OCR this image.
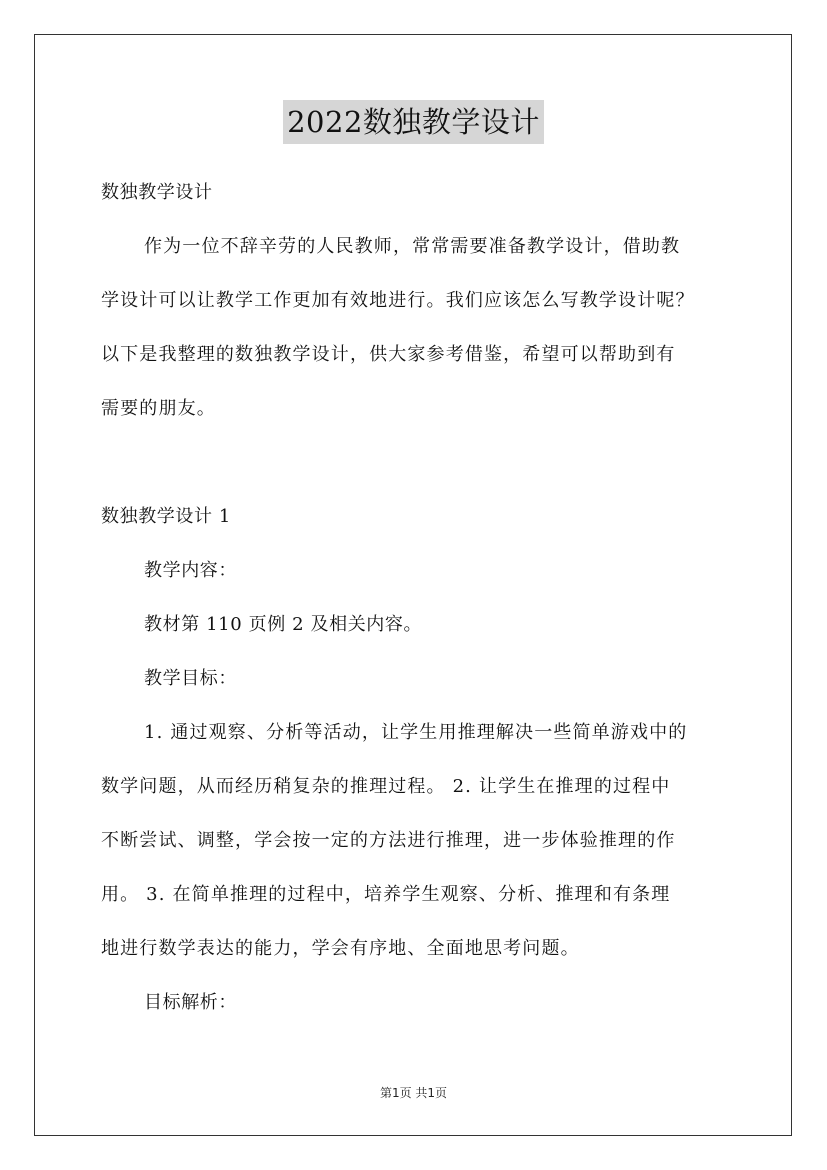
2022数独教学设计
数独教学设计
作为一位不辞辛劳的人民教师，常常需要准备教学设计，借助教
学设计可以让教学工作更加有效地进行。我们应该怎么写教学设计呢？
以下是我整理的数独教学设计，供大家参考借鉴，希望可以帮助到有
需要的朋友。
数独教学设计 1
教学内容：
教材第 110 页例 2 及相关内容。
教学目标：
1. 通过观察、分析等活动，让学生用推理解决一些简单游戏中的
数学问题，从而经历稍复杂的推理过程。 2. 让学生在推理的过程中
不断尝试、调整，学会按一定的方法进行推理，进一步体验推理的作
用。 3. 在简单推理的过程中，培养学生观察、分析、推理和有条理
地进行数学表达的能力，学会有序地、全面地思考问题。
目标解析：
第1页 共1页
